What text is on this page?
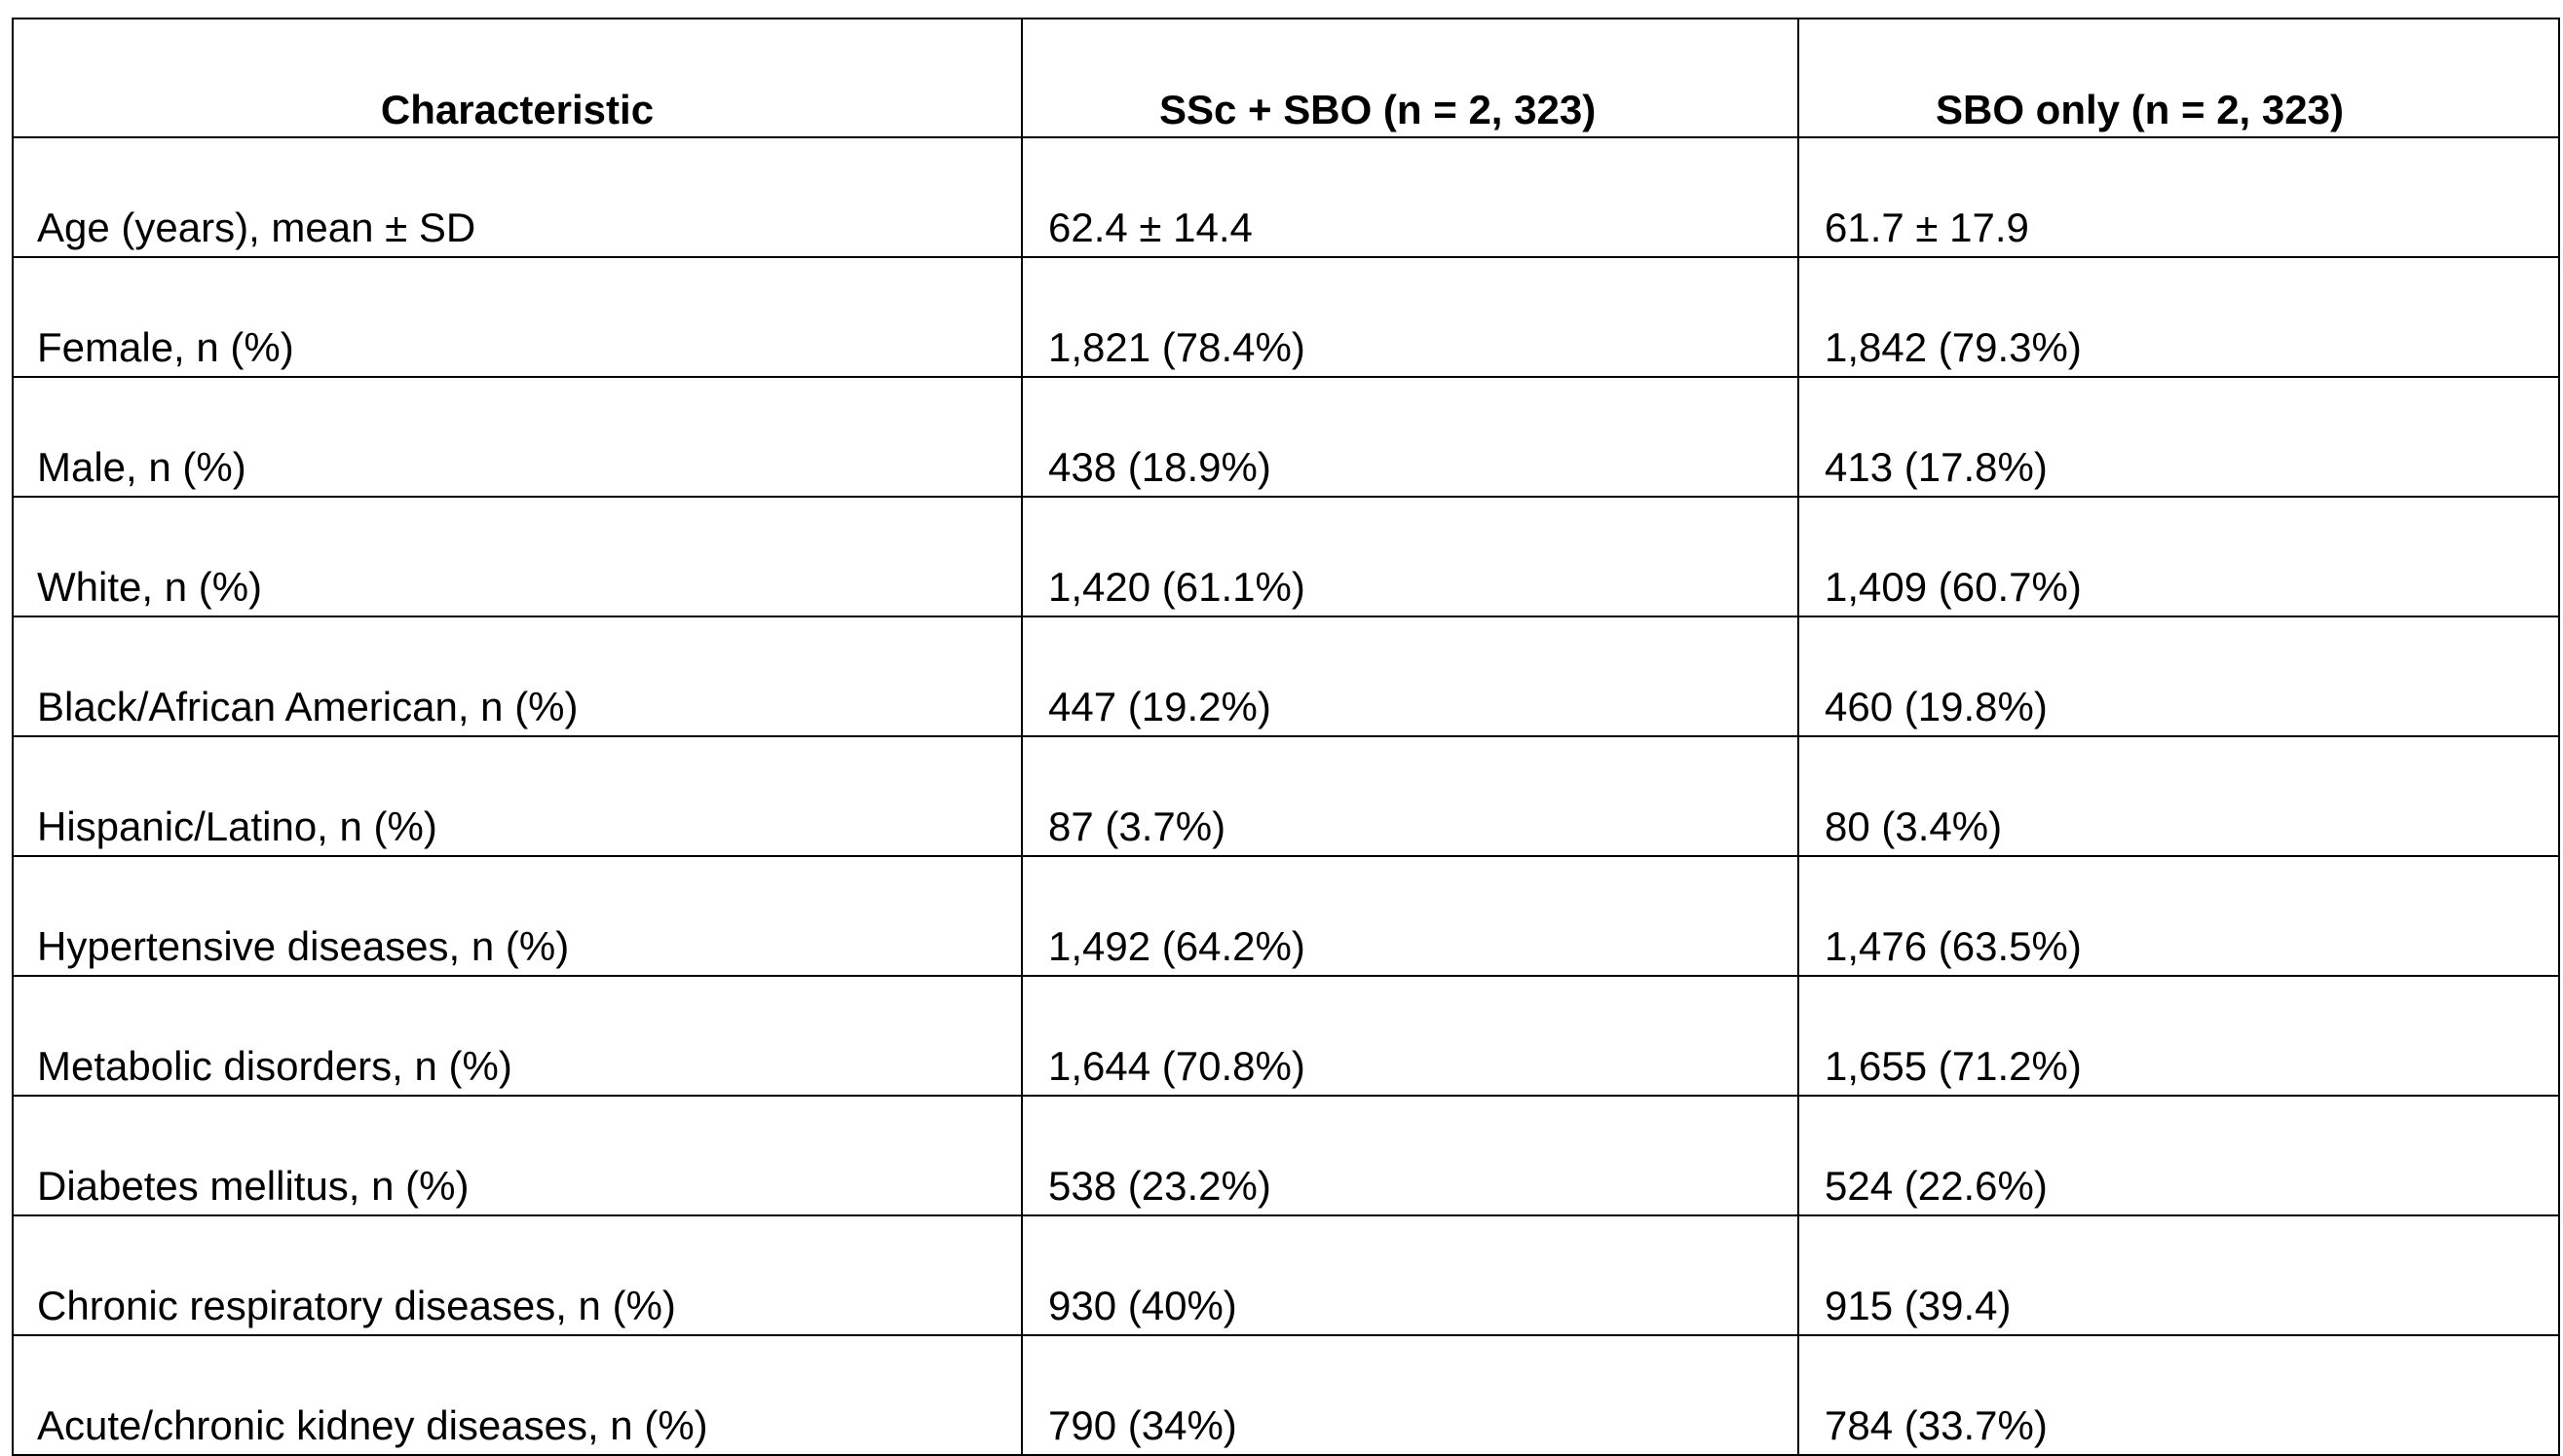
Characteristic	SSc + SBO (n = 2, 323)	SBO only (n = 2, 323)
Age (years), mean ± SD	62.4 ± 14.4	61.7 ± 17.9
Female, n (%)	1,821 (78.4%)	1,842 (79.3%)
Male, n (%)	438 (18.9%)	413 (17.8%)
White, n (%)	1,420 (61.1%)	1,409 (60.7%)
Black/African American, n (%)	447 (19.2%)	460 (19.8%)
Hispanic/Latino, n (%)	87 (3.7%)	80 (3.4%)
Hypertensive diseases, n (%)	1,492 (64.2%)	1,476 (63.5%)
Metabolic disorders, n (%)	1,644 (70.8%)	1,655 (71.2%)
Diabetes mellitus, n (%)	538 (23.2%)	524 (22.6%)
Chronic respiratory diseases, n (%)	930 (40%)	915 (39.4)
Acute/chronic kidney diseases, n (%)	790 (34%)	784 (33.7%)
